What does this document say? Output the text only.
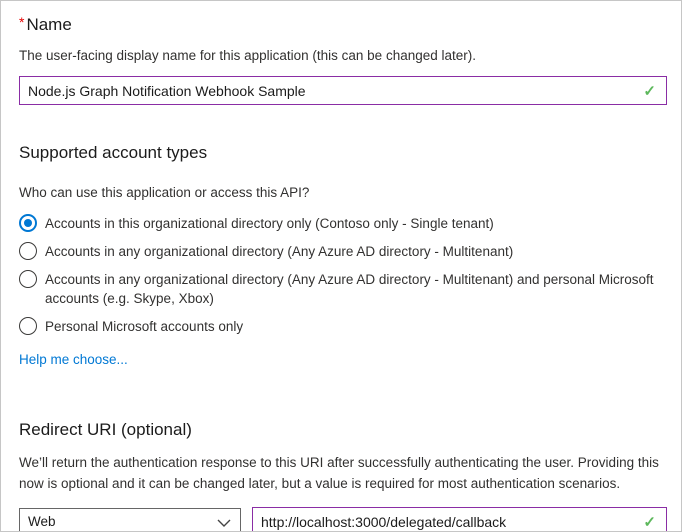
* Name

The user-facing display name for this application (this can be changed later).

Node.js Graph Notification Webhook Sample
✓
Supported account types

Who can use this application or access this API?

Accounts in this organizational directory only (Contoso only - Single tenant)
Accounts in any organizational directory (Any Azure AD directory - Multitenant)
Accounts in any organizational directory (Any Azure AD directory - Multitenant) and personal Microsoft accounts (e.g. Skype, Xbox)
Personal Microsoft accounts only
Help me choose...
Redirect URI (optional)

We’ll return the authentication response to this URI after successfully authenticating the user. Providing this now is optional and it can be changed later, but a value is required for most authentication scenarios.

Web
http://localhost:3000/delegated/callback	✓
